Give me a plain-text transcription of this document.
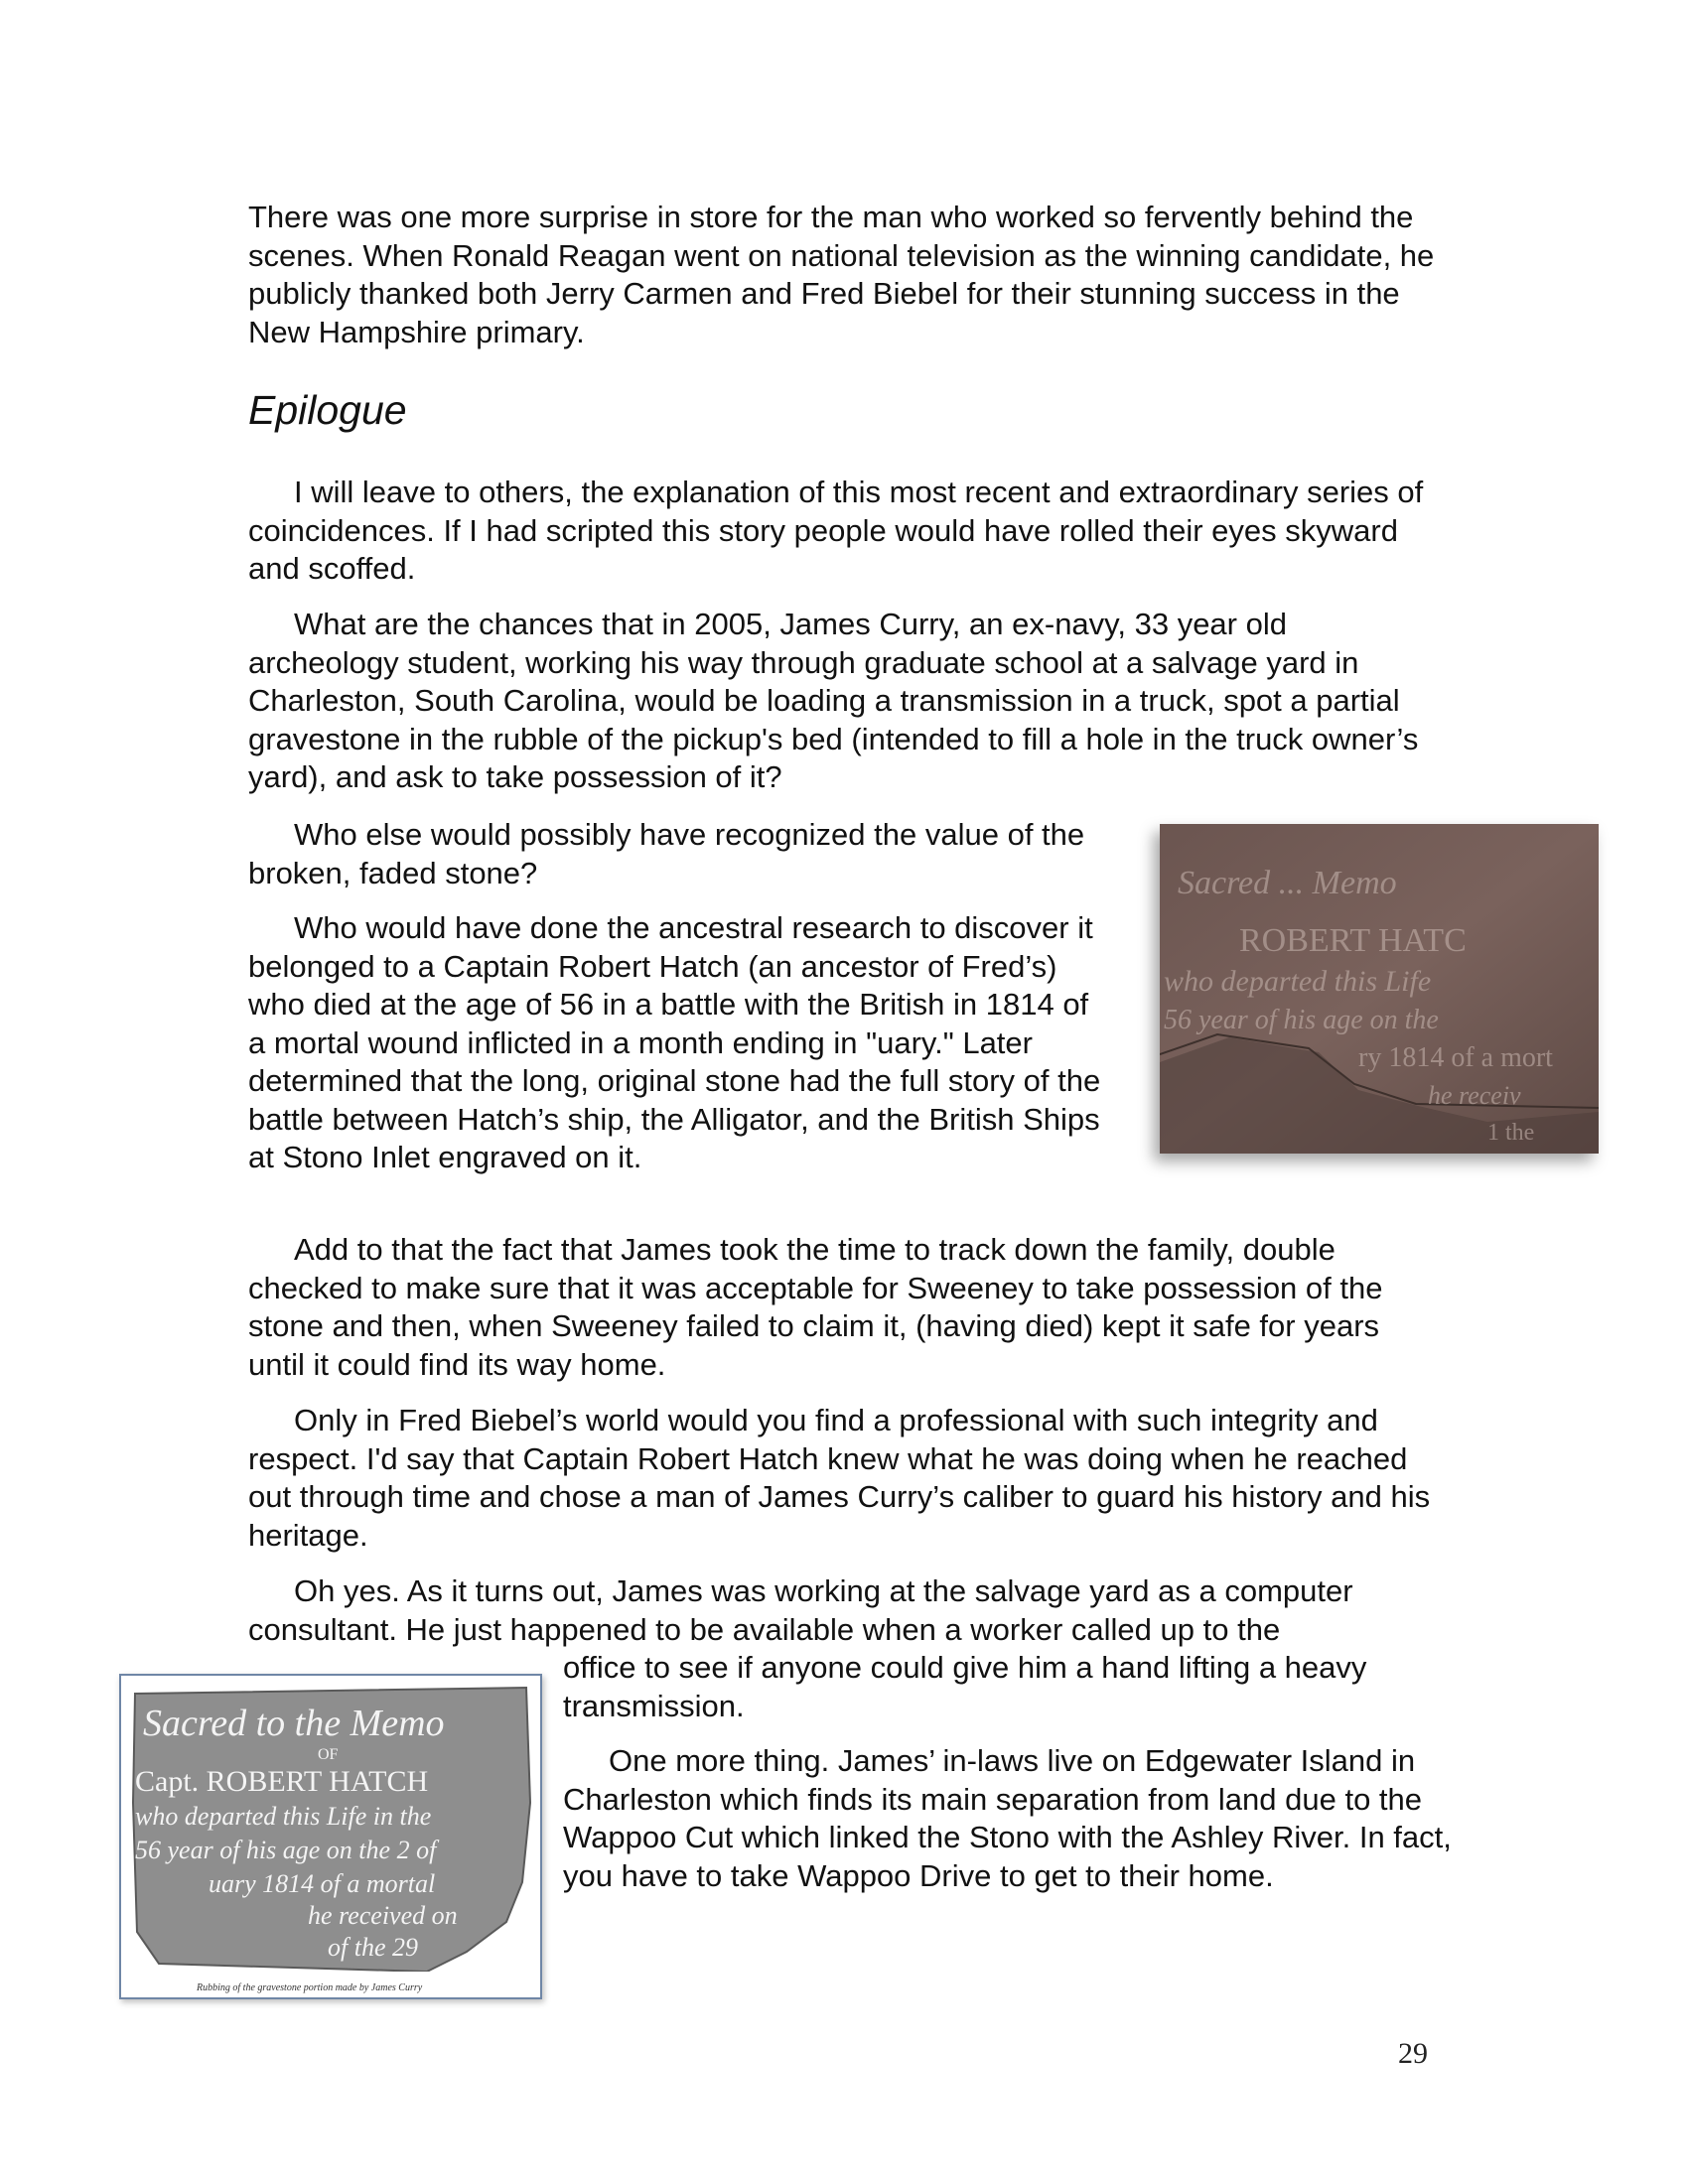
There was one more surprise in store for the man who worked so fervently behind the scenes. When Ronald Reagan went on national television as the winning candidate, he publicly thanked both Jerry Carmen and Fred Biebel for their stunning success in the New Hampshire primary.

Epilogue

I will leave to others, the explanation of this most recent and extraordinary series of coincidences. If I had scripted this story people would have rolled their eyes skyward and scoffed.

What are the chances that in 2005, James Curry, an ex-navy, 33 year old archeology student, working his way through graduate school at a salvage yard in Charleston, South Carolina, would be loading a transmission in a truck, spot a partial gravestone in the rubble of the pickup's bed (intended to fill a hole in the truck owner’s yard), and ask to take possession of it?

Who else would possibly have recognized the value of the broken, faded stone?

Who would have done the ancestral research to discover it belonged to a Captain Robert Hatch (an ancestor of Fred’s) who died at the age of 56 in a battle with the British in 1814 of a mortal wound inflicted in a month ending in "uary." Later determined that the long, original stone had the full story of the battle between Hatch’s ship, the Alligator, and the British Ships at Stono Inlet engraved on it.

Add to that the fact that James took the time to track down the family, double checked to make sure that it was acceptable for Sweeney to take possession of the stone and then, when Sweeney failed to claim it, (having died) kept it safe for years until it could find its way home.

Only in Fred Biebel’s world would you find a professional with such integrity and respect. I'd say that Captain Robert Hatch knew what he was doing when he reached out through time and chose a man of James Curry’s caliber to guard his history and his heritage.

Oh yes. As it turns out, James was working at the salvage yard as a computer consultant. He just happened to be available when a worker called up to the

office to see if anyone could give him a hand lifting a heavy transmission.

One more thing. James’ in-laws live on Edgewater Island in Charleston which finds its main separation from land due to the Wappoo Cut which linked the Stono with the Ashley River. In fact, you have to take Wappoo Drive to get to their home.

Sacred ... Memo
ROBERT HATC
who departed this Life
56 year of his age on the
ry 1814 of a mort
he receiv
1 the
Sacred to the Memo
OF
Capt. ROBERT HATCH
who departed this Life in the
56 year of his age on the 2 of
uary 1814 of a mortal
he received on
of the 29
Rubbing of the gravestone portion made by James Curry
29
